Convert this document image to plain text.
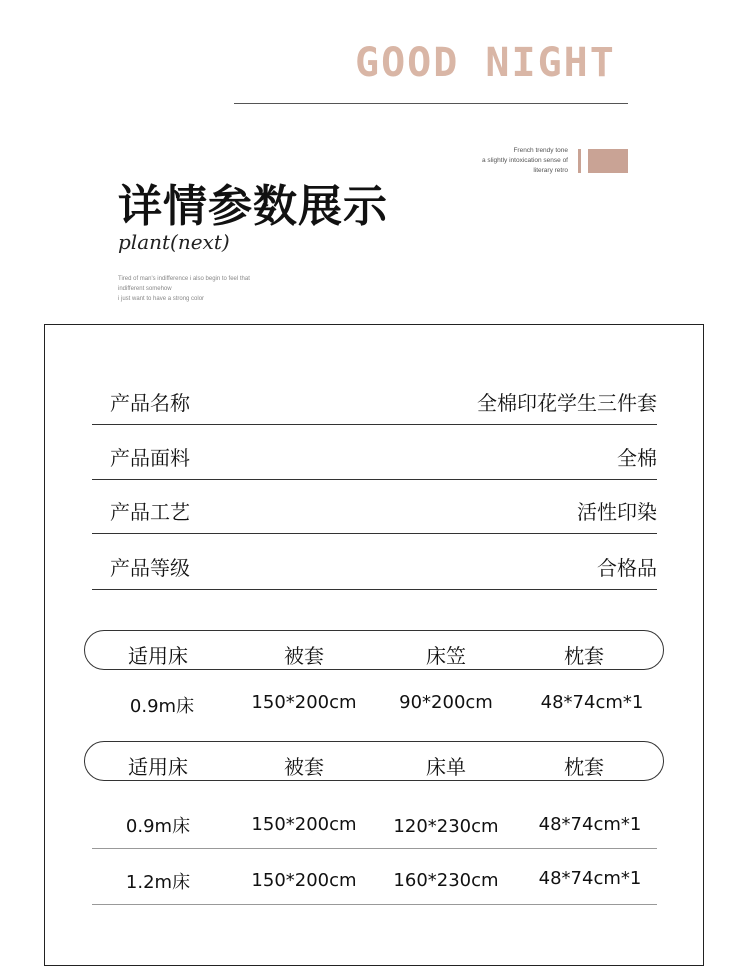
GOOD NIGHT
French trendy tone
a slightly intoxication sense of
literary retro
详情参数展示
plant(next)
Tired of man's indifference i also begin to feel that
indifferent somehow
i just want to have a strong color
产品名称	全棉印花学生三件套
产品面料	全棉
产品工艺	活性印染
产品等级	合格品
适用床	被套	床笠	枕套
0.9m床	150*200cm	90*200cm	48*74cm*1
适用床	被套	床单	枕套
0.9m床	150*200cm	120*230cm	48*74cm*1
1.2m床	150*200cm	160*230cm	48*74cm*1
